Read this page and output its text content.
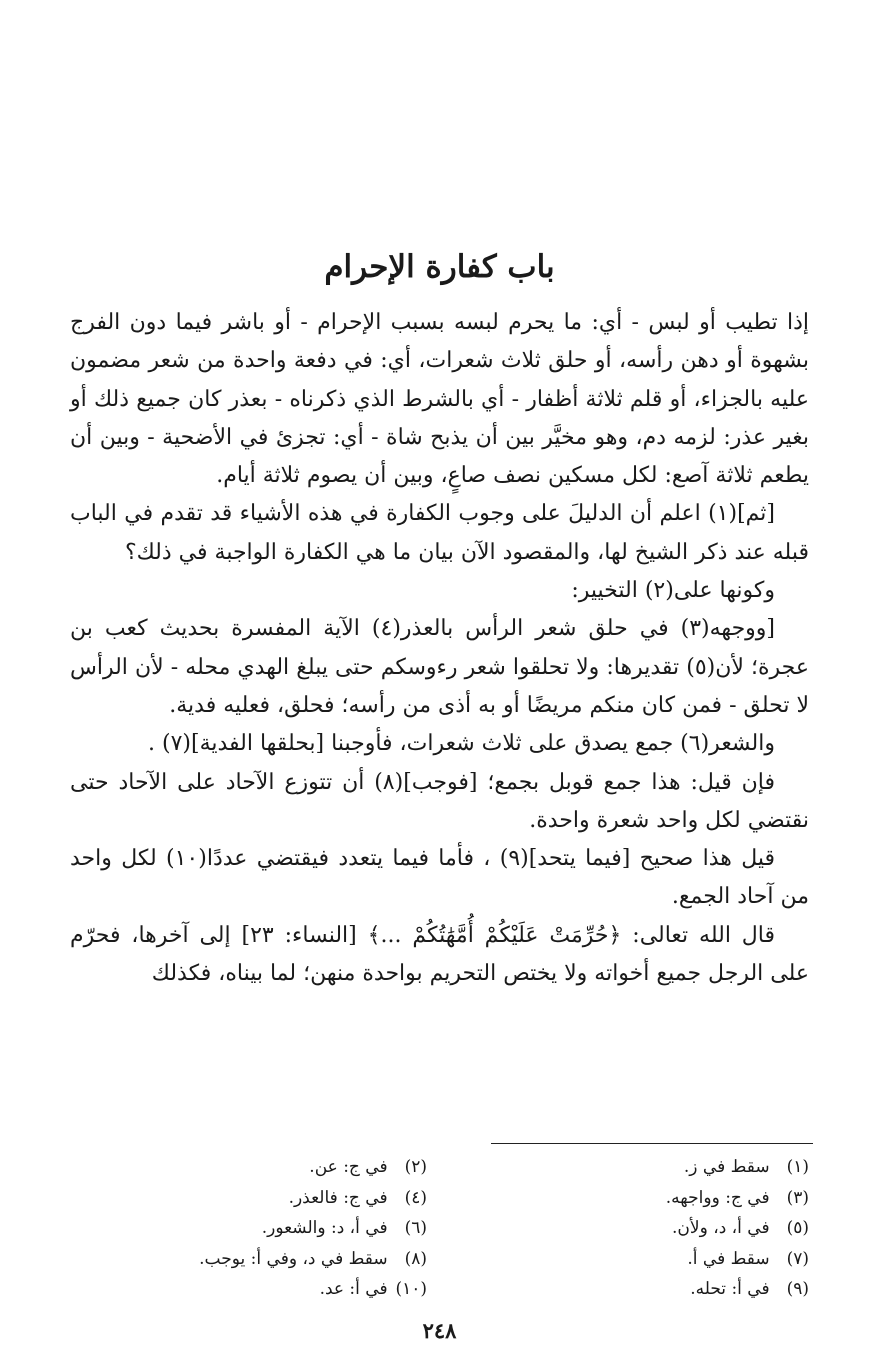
باب كفارة الإحرام

إذا تطيب أو لبس - أي: ما يحرم لبسه بسبب الإحرام - أو باشر فيما دون الفرج بشهوة أو دهن رأسه، أو حلق ثلاث شعرات، أي: في دفعة واحدة من شعر مضمون عليه بالجزاء، أو قلم ثلاثة أظفار - أي بالشرط الذي ذكرناه - بعذر كان جميع ذلك أو بغير عذر: لزمه دم، وهو مخيَّر بين أن يذبح شاة - أي: تجزئ في الأضحية - وبين أن يطعم ثلاثة آصع: لكل مسكين نصف صاعٍ، وبين أن يصوم ثلاثة أيام.

[ثم](١) اعلم أن الدليلَ على وجوب الكفارة في هذه الأشياء قد تقدم في الباب قبله عند ذكر الشيخ لها، والمقصود الآن بيان ما هي الكفارة الواجبة في ذلك؟

وكونها على(٢) التخيير:

[ووجهه(٣) في حلق شعر الرأس بالعذر(٤) الآية المفسرة بحديث كعب بن عجرة؛ لأن(٥) تقديرها: ولا تحلقوا شعر رءوسكم حتى يبلغ الهدي محله - لأن الرأس لا تحلق - فمن كان منكم مريضًا أو به أذى من رأسه؛ فحلق، فعليه فدية.

والشعر(٦) جمع يصدق على ثلاث شعرات، فأوجبنا [بحلقها الفدية](٧) .

فإن قيل: هذا جمع قوبل بجمع؛ [فوجب](٨) أن تتوزع الآحاد على الآحاد حتى نقتضي لكل واحد شعرة واحدة.

قيل هذا صحيح [فيما يتحد](٩) ، فأما فيما يتعدد فيقتضي عددًا(١٠) لكل واحد من آحاد الجمع.

قال الله تعالى: ﴿حُرِّمَتْ عَلَيْكُمْ أُمَّهَٰتُكُمْ ...﴾ [النساء: ٢٣] إلى آخرها، فحرّم على الرجل جميع أخواته ولا يختص التحريم بواحدة منهن؛ لما بيناه، فكذلك

(١) سقط في ز.
(٢) في ج: عن.
(٣) في ج: وواجهه.
(٤) في ج: فالعذر.
(٥) في أ، د، ولأن.
(٦) في أ، د: والشعور.
(٧) سقط في أ.
(٨) سقط في د، وفي أ: يوجب.
(٩) في أ: تحله.
(١٠) في أ: عد.
٢٤٨
